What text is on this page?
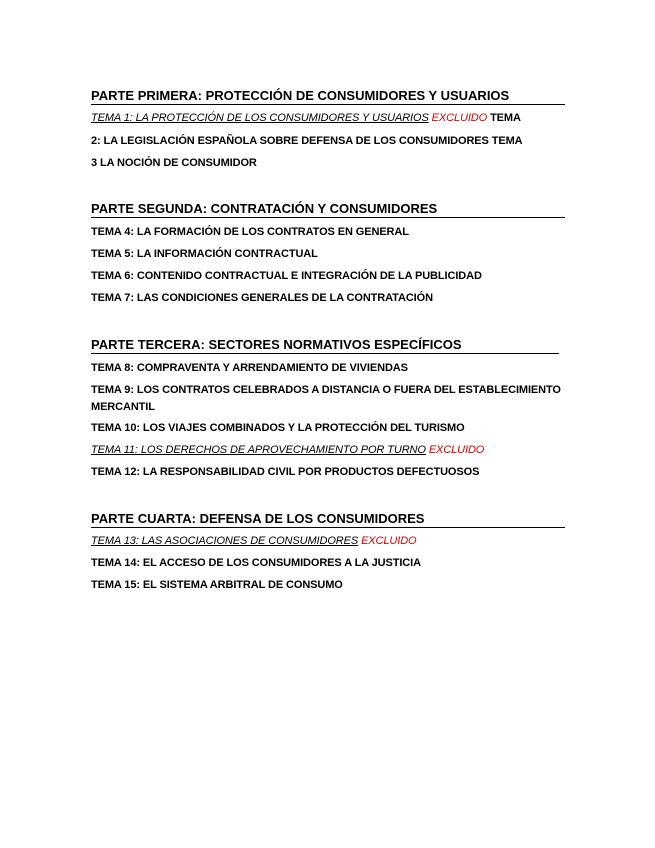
PARTE PRIMERA: PROTECCIÓN DE CONSUMIDORES Y USUARIOS
TEMA 1: LA PROTECCIÓN DE LOS CONSUMIDORES Y USUARIOS EXCLUIDO TEMA
2: LA LEGISLACIÓN ESPAÑOLA SOBRE DEFENSA DE LOS CONSUMIDORES TEMA
3 LA NOCIÓN DE CONSUMIDOR
PARTE SEGUNDA: CONTRATACIÓN Y CONSUMIDORES
TEMA 4: LA FORMACIÓN DE LOS CONTRATOS EN GENERAL
TEMA 5: LA INFORMACIÓN CONTRACTUAL
TEMA 6: CONTENIDO CONTRACTUAL E INTEGRACIÓN DE LA PUBLICIDAD
TEMA 7: LAS CONDICIONES GENERALES DE LA CONTRATACIÓN
PARTE TERCERA: SECTORES NORMATIVOS ESPECÍFICOS
TEMA 8: COMPRAVENTA Y ARRENDAMIENTO DE VIVIENDAS
TEMA 9: LOS CONTRATOS CELEBRADOS A DISTANCIA O FUERA DEL ESTABLECIMIENTO
MERCANTIL
TEMA 10: LOS VIAJES COMBINADOS Y LA PROTECCIÓN DEL TURISMO
TEMA 11: LOS DERECHOS DE APROVECHAMIENTO POR TURNO EXCLUIDO
TEMA 12: LA RESPONSABILIDAD CIVIL POR PRODUCTOS DEFECTUOSOS
PARTE CUARTA: DEFENSA DE LOS CONSUMIDORES
TEMA 13: LAS ASOCIACIONES DE CONSUMIDORES EXCLUIDO
TEMA 14: EL ACCESO DE LOS CONSUMIDORES A LA JUSTICIA
TEMA 15: EL SISTEMA ARBITRAL DE CONSUMO
